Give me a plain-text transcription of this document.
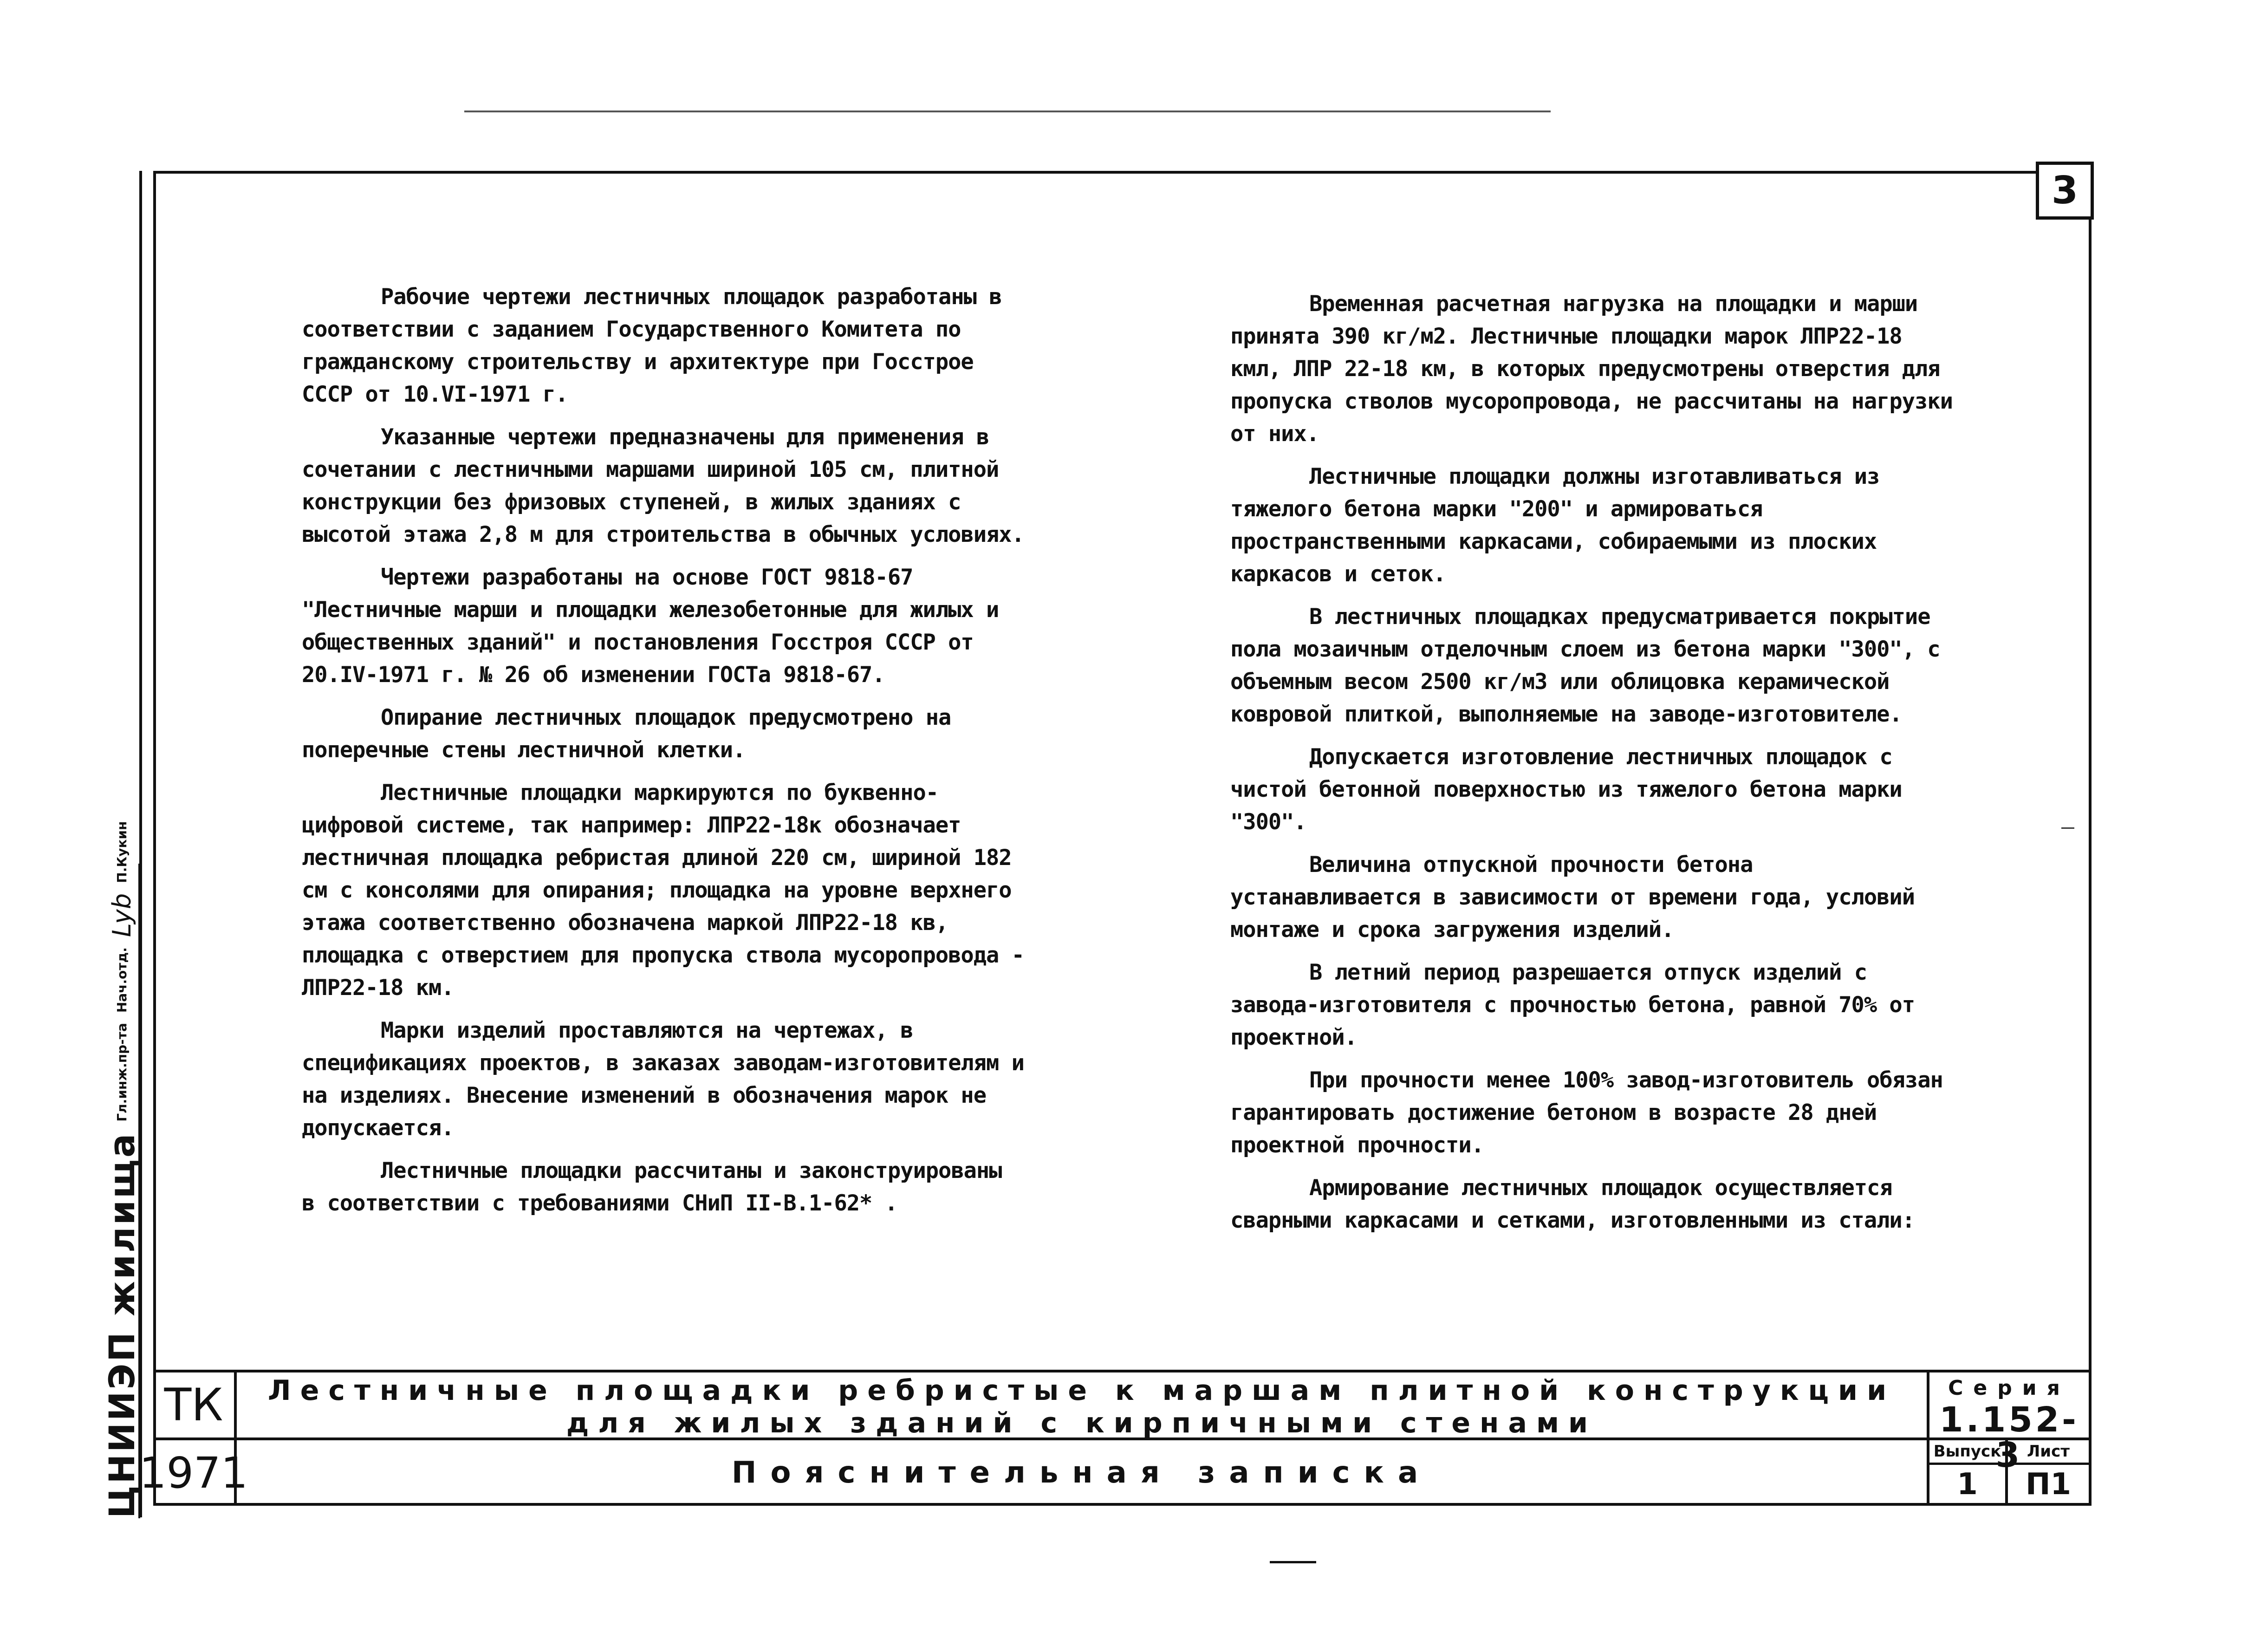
3

Рабочие чертежи лестничных площадок разработаны в соответствии с заданием Государственного Комитета по гражданскому строительству и архитектуре при Госстрое СССР от 10.VI-1971 г.

Указанные чертежи предназначены для применения в сочетании с лестничными маршами шириной 105 см, плитной конструкции без фризовых ступеней, в жилых зданиях с высотой этажа 2,8 м для строительства в обычных условиях.

Чертежи разработаны на основе ГОСТ 9818-67 "Лестничные марши и площадки железобетонные для жилых и общественных зданий" и постановления Госстроя СССР от 20.IV-1971 г. № 26 об изменении ГОСТа 9818-67.

Опирание лестничных площадок предусмотрено на поперечные стены лестничной клетки.

Лестничные площадки маркируются по буквенно-цифровой системе, так например: ЛПР22-18к обозначает лестничная площадка ребристая длиной 220 см, шириной 182 см с консолями для опирания; площадка на уровне верхнего этажа соответственно обозначена маркой ЛПР22-18 кв, площадка с отверстием для пропуска ствола мусоропровода - ЛПР22-18 км.

Марки изделий проставляются на чертежах, в спецификациях проектов, в заказах заводам-изготовителям и на изделиях. Внесение изменений в обозначения марок не допускается.

Лестничные площадки рассчитаны и законструированы в соответствии с требованиями СНиП II-В.1-62* .

Временная расчетная нагрузка на площадки и марши принята 390 кг/м2. Лестничные площадки марок ЛПР22-18 кмл, ЛПР 22-18 км, в которых предусмотрены отверстия для пропуска стволов мусоропровода, не рассчитаны на нагрузки от них.

Лестничные площадки должны изготавливаться из тяжелого бетона марки "200" и армироваться пространственными каркасами, собираемыми из плоских каркасов и сеток.

В лестничных площадках предусматривается покрытие пола мозаичным отделочным слоем из бетона марки "300", с объемным весом 2500 кг/м3 или облицовка керамической ковровой плиткой, выполняемые на заводе-изготовителе.

Допускается изготовление лестничных площадок с чистой бетонной поверхностью из тяжелого бетона марки "300".

Величина отпускной прочности бетона устанавливается в зависимости от времени года, условий монтаже и срока загружения изделий.

В летний период разрешается отпуск изделий с завода-изготовителя с прочностью бетона, равной 70% от проектной.

При прочности менее 100% завод-изготовитель обязан гарантировать достижение бетоном в возрасте 28 дней проектной прочности.

Армирование лестничных площадок осуществляется сварными каркасами и сетками, изготовленными из стали:

ТК
1971
Лестничные площадки ребристые к маршам плитной конструкции
для жилых зданий с кирпичными стенами
Пояснительная записка
Серия
1.152-3
Выпуск
1
Лист
П1
ЦНИИЭП жилища
Гл.инж.пр-та
Нач.отд.
Lyb
П.Кукин
